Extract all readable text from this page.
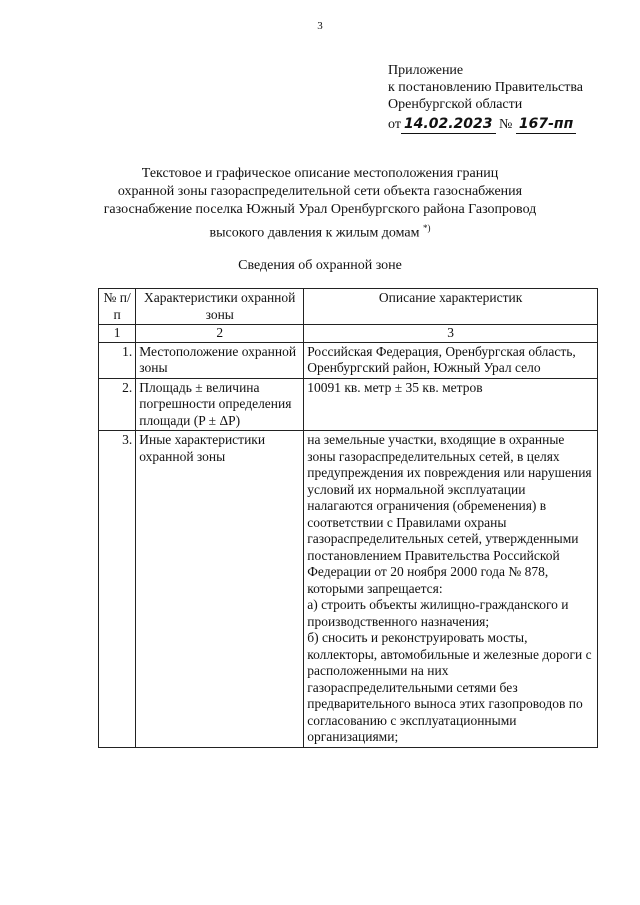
3
Приложение
к постановлению Правительства
Оренбургской области
от 14.02.2023 № 167-пп
Текстовое и графическое описание местоположения границ
охранной зоны газораспределительной сети объекта газоснабжения
газоснабжение поселка Южный Урал Оренбургского района Газопровод
высокого давления к жилым домам *)
Сведения об охранной зоне
№ п/п	Характеристики охранной зоны	Описание характеристик
1	2	3
1.	Местоположение охранной зоны	Российская Федерация, Оренбургская область, Оренбургский район, Южный Урал село
2.	Площадь ± величина погрешности определения площади (P ± ΔP)	10091 кв. метр ± 35 кв. метров
3.	Иные характеристики охранной зоны	на земельные участки, входящие в охранные зоны газораспределительных сетей, в целях предупреждения их повреждения или нарушения условий их нормальной эксплуатации налагаются ограничения (обременения) в соответствии с Правилами охраны газораспределительных сетей, утвержденными постановлением Правительства Российской Федерации от 20 ноября 2000 года № 878, которыми запрещается:
а) строить объекты жилищно-гражданского и производственного назначения;
б) сносить и реконструировать мосты, коллекторы, автомобильные и железные дороги с расположенными на них газораспределительными сетями без предварительного выноса этих газопроводов по согласованию с эксплуатационными организациями;
